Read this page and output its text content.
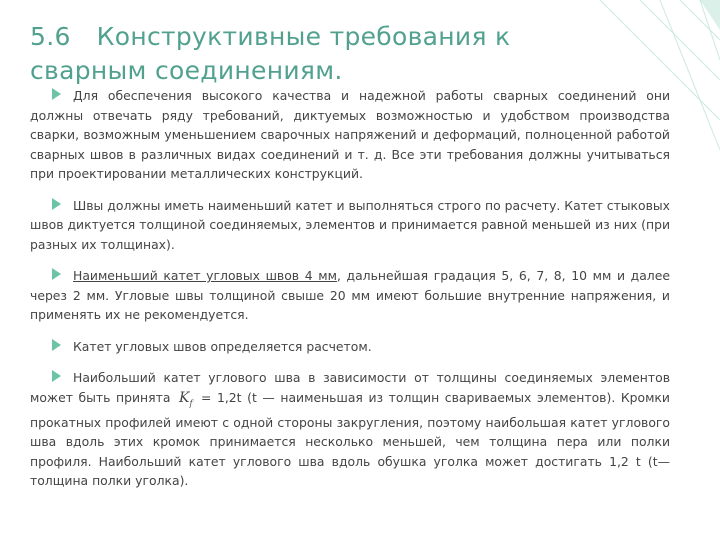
5.6 Конструктивные требования к сварным соединениям.

Для обеспечения высокого качества и надежной работы сварных соединений они должны отвечать ряду требований, диктуемых возможностью и удобством производства сварки, возможным уменьшением сварочных напряжений и деформаций, полноценной работой сварных швов в различных видах соединений и т. д. Все эти требования должны учитываться при проектировании металлических конструкций.

Швы должны иметь наименьший катет и выполняться строго по расчету. Катет стыковых швов диктуется толщиной соединяемых, элементов и принимается равной меньшей из них (при разных их толщинах).

Наименьший катет угловых швов 4 мм, дальнейшая градация 5, 6, 7, 8, 10 мм и далее через 2 мм. Угловые швы толщиной свыше 20 мм имеют большие внутренние напряжения, и применять их не рекомендуется.

Катет угловых швов определяется расчетом.

Наибольший катет углового шва в зависимости от толщины соединяемых элементов может быть принята $K_f = 1,2t$ (t — наименьшая из толщин свариваемых элементов). Кромки прокатных профилей имеют с одной стороны закругления, поэтому наибольшая катет углового шва вдоль этих кромок принимается несколько меньшей, чем толщина пера или полки профиля. Наибольший катет углового шва вдоль обушка уголка может достигать 1,2 t (t— толщина полки уголка).
